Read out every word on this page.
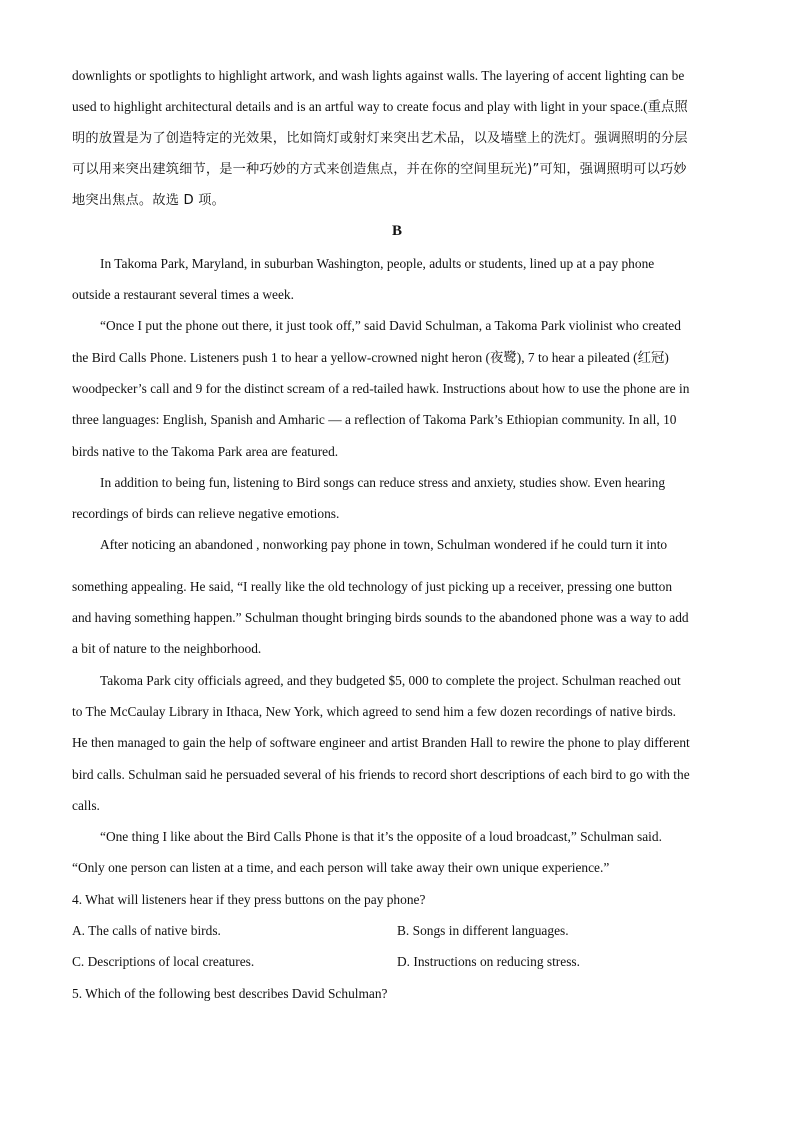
downlights or spotlights to highlight artwork, and wash lights against walls. The layering of accent lighting can be
used to highlight architectural details and is an artful way to create focus and play with light in your space.(重点照
明的放置是为了创造特定的光效果，比如筒灯或射灯来突出艺术品，以及墙壁上的洗灯。强调照明的分层
可以用来突出建筑细节，是一种巧妙的方式来创造焦点，并在你的空间里玩光)”可知，强调照明可以巧妙
地突出焦点。故选 D 项。
B
In Takoma Park, Maryland, in suburban Washington, people, adults or students, lined up at a pay phone
outside a restaurant several times a week.
“Once I put the phone out there, it just took off,” said David Schulman, a Takoma Park violinist who created
the Bird Calls Phone. Listeners push 1 to hear a yellow-crowned night heron (夜鹭), 7 to hear a pileated (红冠)
woodpecker’s call and 9 for the distinct scream of a red-tailed hawk. Instructions about how to use the phone are in
three languages: English, Spanish and Amharic — a reflection of Takoma Park’s Ethiopian community. In all, 10
birds native to the Takoma Park area are featured.
In addition to being fun, listening to Bird songs can reduce stress and anxiety, studies show. Even hearing
recordings of birds can relieve negative emotions.
After noticing an abandoned , nonworking pay phone in town, Schulman wondered if he could turn it into
something appealing. He said, “I really like the old technology of just picking up a receiver, pressing one button
and having something happen.” Schulman thought bringing birds sounds to the abandoned phone was a way to add
a bit of nature to the neighborhood.
Takoma Park city officials agreed, and they budgeted $5, 000 to complete the project. Schulman reached out
to The McCaulay Library in Ithaca, New York, which agreed to send him a few dozen recordings of native birds.
He then managed to gain the help of software engineer and artist Branden Hall to rewire the phone to play different
bird calls. Schulman said he persuaded several of his friends to record short descriptions of each bird to go with the
calls.
“One thing I like about the Bird Calls Phone is that it’s the opposite of a loud broadcast,” Schulman said.
“Only one person can listen at a time, and each person will take away their own unique experience.”
4. What will listeners hear if they press buttons on the pay phone?
A. The calls of native birds.	B. Songs in different languages.
C. Descriptions of local creatures.	D. Instructions on reducing stress.
5. Which of the following best describes David Schulman?
